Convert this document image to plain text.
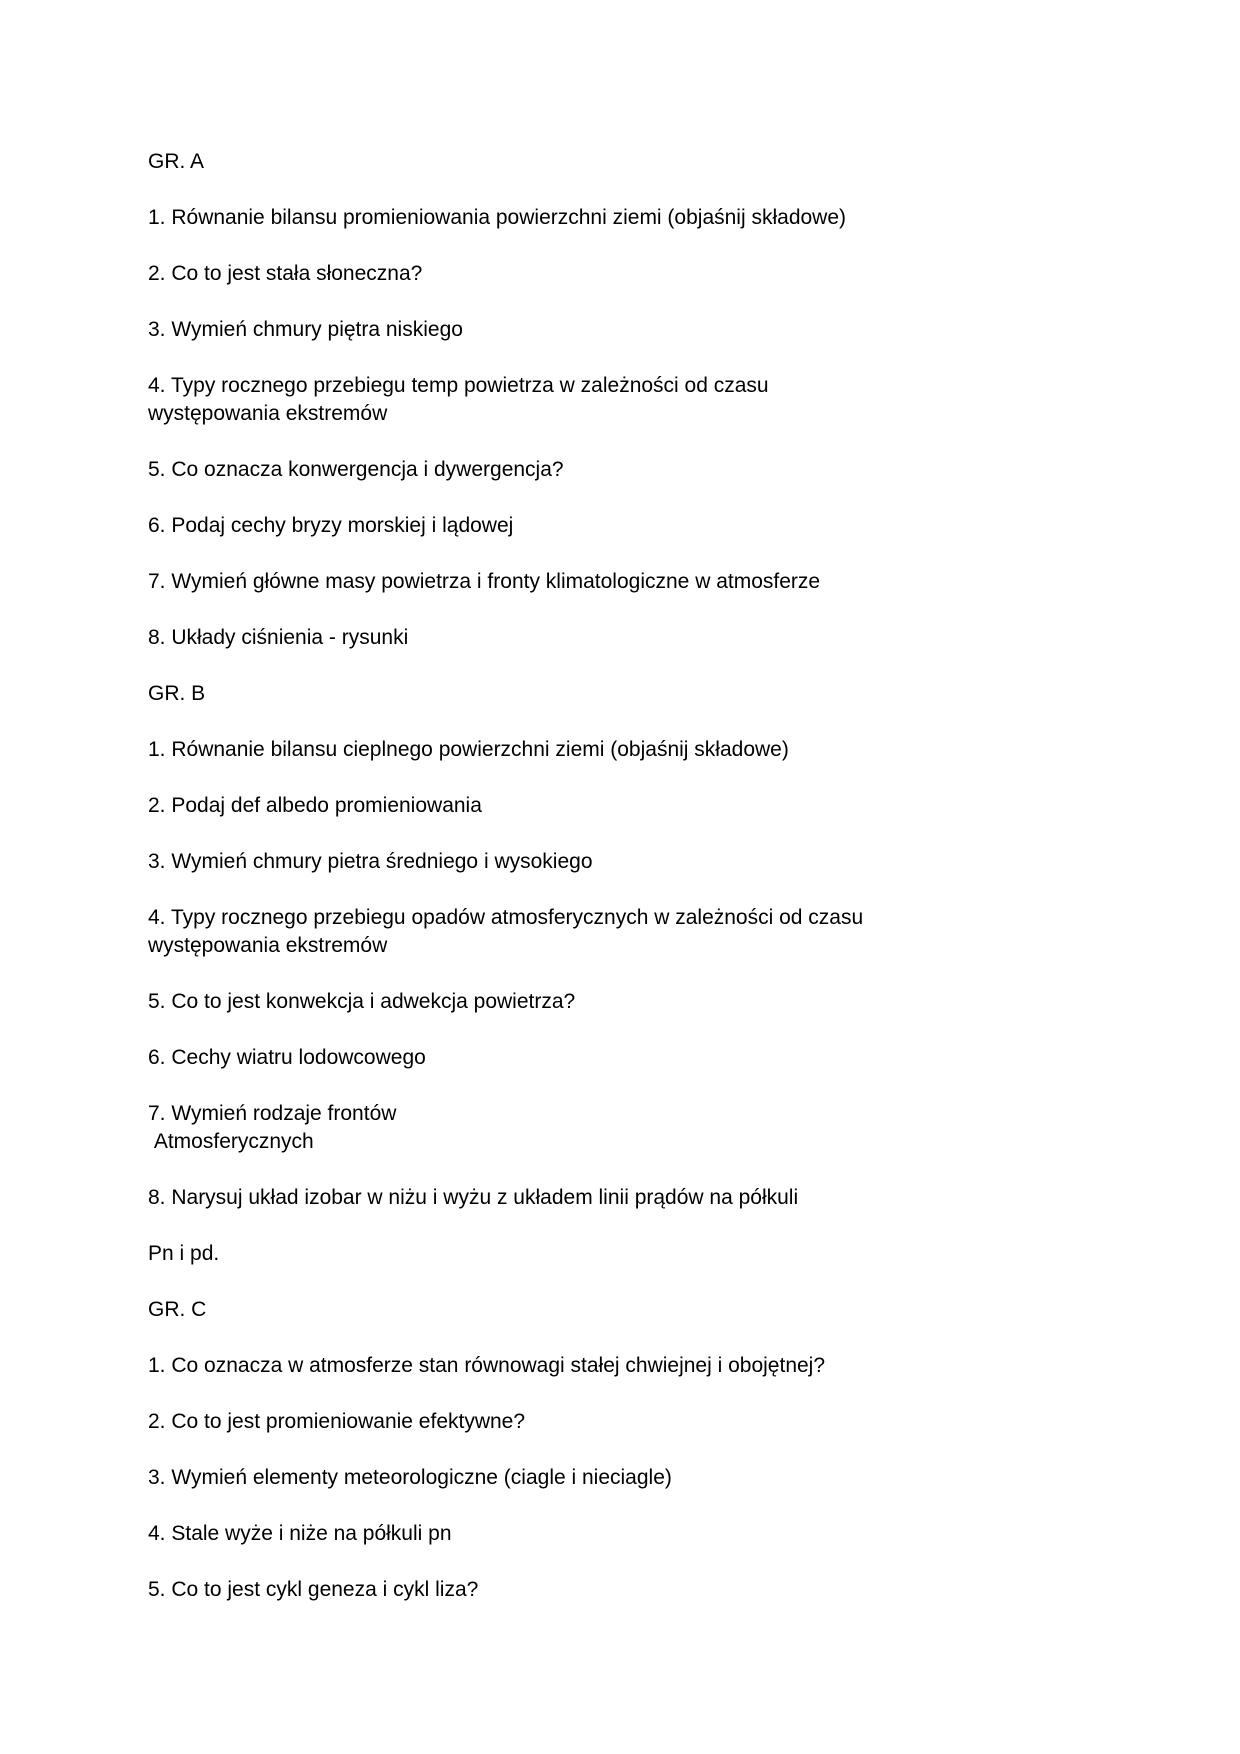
GR. A

1. Równanie bilansu promieniowania powierzchni ziemi (objaśnij składowe)

2. Co to jest stała słoneczna?

3. Wymień chmury piętra niskiego

4. Typy rocznego przebiegu temp powietrza w zależności od czasu
występowania ekstremów

5. Co oznacza konwergencja i dywergencja?

6. Podaj cechy bryzy morskiej i lądowej

7. Wymień główne masy powietrza i fronty klimatologiczne w atmosferze

8. Układy ciśnienia - rysunki

GR. B

1. Równanie bilansu cieplnego powierzchni ziemi (objaśnij składowe)

2. Podaj def albedo promieniowania

3. Wymień chmury pietra średniego i wysokiego

4. Typy rocznego przebiegu opadów atmosferycznych w zależności od czasu
występowania ekstremów

5. Co to jest konwekcja i adwekcja powietrza?

6. Cechy wiatru lodowcowego

7. Wymień rodzaje frontów
Atmosferycznych

8. Narysuj układ izobar w niżu i wyżu z układem linii prądów na półkuli

Pn i pd.

GR. C

1. Co oznacza w atmosferze stan równowagi stałej chwiejnej i obojętnej?

2. Co to jest promieniowanie efektywne?

3. Wymień elementy meteorologiczne (ciagle i nieciagle)

4. Stale wyże i niże na półkuli pn

5. Co to jest cykl geneza i cykl liza?
